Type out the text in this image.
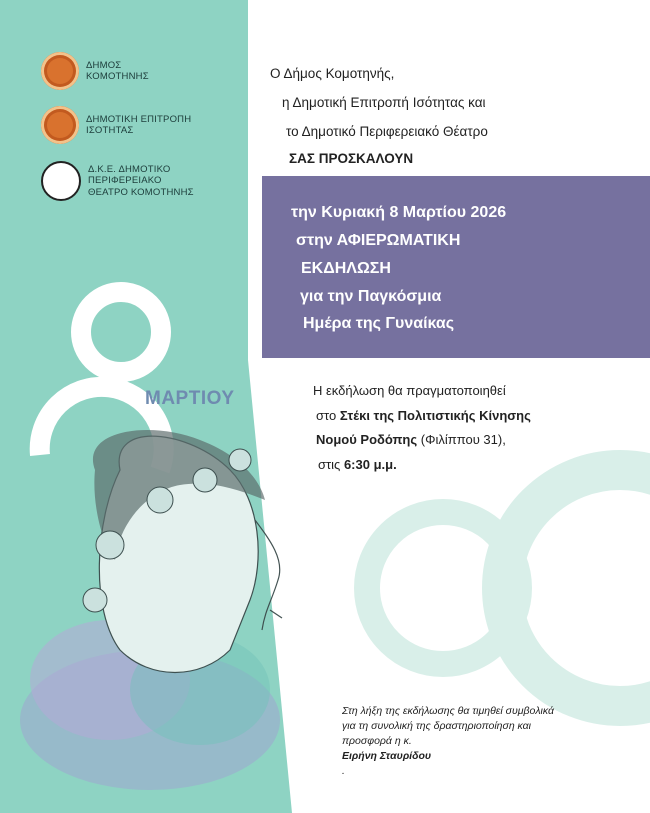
ΔΗΜΟΣ
ΚΟΜΟΤΗΝΗΣ
ΔΗΜΟΤΙΚΗ ΕΠΙΤΡΟΠΗ
ΙΣΟΤΗΤΑΣ
Δ.Κ.Ε. ΔΗΜΟΤΙΚΟ
ΠΕΡΙΦΕΡΕΙΑΚΟ
ΘΕΑΤΡΟ ΚΟΜΟΤΗΝΗΣ
Ο Δήμος Κομοτηνής,
η Δημοτική Επιτροπή Ισότητας και
το Δημοτικό Περιφερειακό Θέατρο
ΣΑΣ ΠΡΟΣΚΑΛΟΥΝ
την Κυριακή 8 Μαρτίου 2026
στην ΑΦΙΕΡΩΜΑΤΙΚΗ
ΕΚΔΗΛΩΣΗ
για την Παγκόσμια
Ημέρα της Γυναίκας
ΜΑΡΤΙΟΥ	Η εκδήλωση θα πραγματοποιηθεί
στο Στέκι της Πολιτιστικής Κίνησης
Νομού Ροδόπης (Φιλίππου 31),
στις 6:30 μ.μ.
Στη λήξη της εκδήλωσης θα τιμηθεί συμβολικά
για τη συνολική της δραστηριοποίηση και
προσφορά η κ.
Ειρήνη Σταυρίδου
.
